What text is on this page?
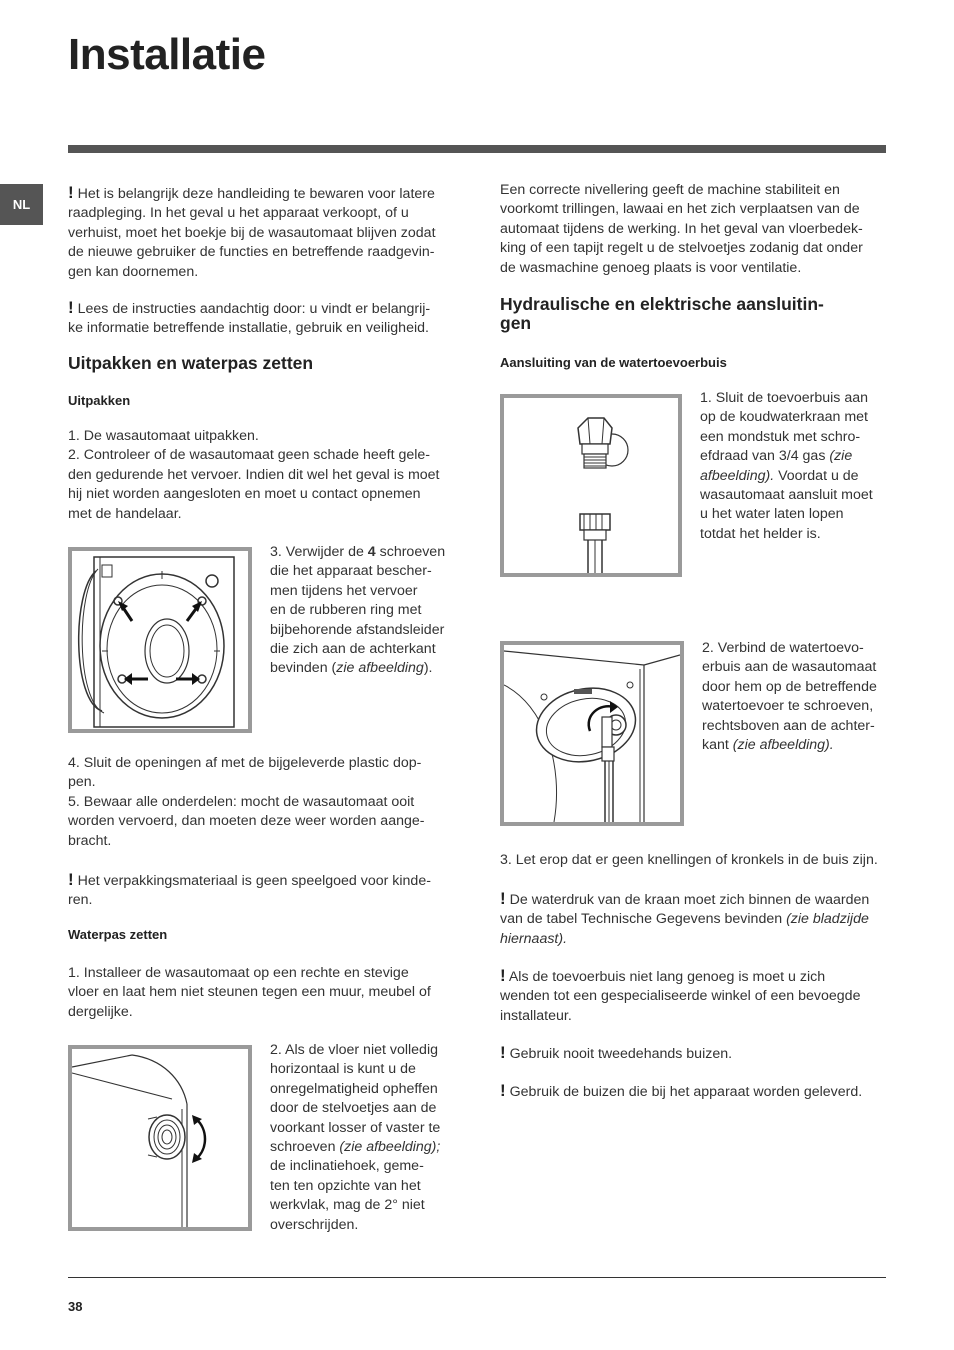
Installatie
NL

! Het is belangrijk deze handleiding te bewaren voor latere

raadpleging. In het geval u het apparaat verkoopt, of u

verhuist, moet het boekje bij de wasautomaat blijven zodat

de nieuwe gebruiker de functies en betreffende raadgevin-

gen kan doornemen.

! Lees de instructies aandachtig door: u vindt er belangrij-

ke informatie betreffende installatie, gebruik en veiligheid.

Uitpakken en waterpas zetten
Uitpakken

1. De wasautomaat uitpakken.

2. Controleer of de wasautomaat geen schade heeft gele-

den gedurende het vervoer. Indien dit wel het geval is moet

hij niet worden aangesloten en moet u contact opnemen

met de handelaar.

3. Verwijder de 4 schroeven

die het apparaat bescher-

men tijdens het vervoer

en de rubberen ring met

bijbehorende afstandsleider

die zich aan de achterkant

bevinden (zie afbeelding).

4. Sluit de openingen af met de bijgeleverde plastic dop-

pen.

5. Bewaar alle onderdelen: mocht de wasautomaat ooit

worden vervoerd, dan moeten deze weer worden aange-

bracht.

! Het verpakkingsmateriaal is geen speelgoed voor kinde-

ren.

Waterpas zetten

1. Installeer de wasautomaat op een rechte en stevige

vloer en laat hem niet steunen tegen een muur, meubel of

dergelijke.

2. Als de vloer niet volledig

horizontaal is kunt u de

onregelmatigheid opheffen

door de stelvoetjes aan de

voorkant losser of vaster te

schroeven (zie afbeelding);

de inclinatiehoek, geme-

ten ten opzichte van het

werkvlak, mag de 2° niet

overschrijden.

Een correcte nivellering geeft de machine stabiliteit en

voorkomt trillingen, lawaai en het zich verplaatsen van de

automaat tijdens de werking. In het geval van vloerbedek-

king of een tapijt regelt u de stelvoetjes zodanig dat onder

de wasmachine genoeg plaats is voor ventilatie.

Hydraulische en elektrische aansluitin-
gen
Aansluiting van de watertoevoerbuis

1. Sluit de toevoerbuis aan

op de koudwaterkraan met

een mondstuk met schro-

efdraad van 3/4 gas (zie

afbeelding). Voordat u de

wasautomaat aansluit moet

u het water laten lopen

totdat het helder is.

2. Verbind de watertoevo-

erbuis aan de wasautomaat

door hem op de betreffende

watertoevoer te schroeven,

rechtsboven aan de achter-

kant (zie afbeelding).

3. Let erop dat er geen knellingen of kronkels in de buis zijn.

! De waterdruk van de kraan moet zich binnen de waarden

van de tabel Technische Gegevens bevinden (zie bladzijde

hiernaast).

! Als de toevoerbuis niet lang genoeg is moet u zich

wenden tot een gespecialiseerde winkel of een bevoegde

installateur.

! Gebruik nooit tweedehands buizen.

! Gebruik de buizen die bij het apparaat worden geleverd.

38
